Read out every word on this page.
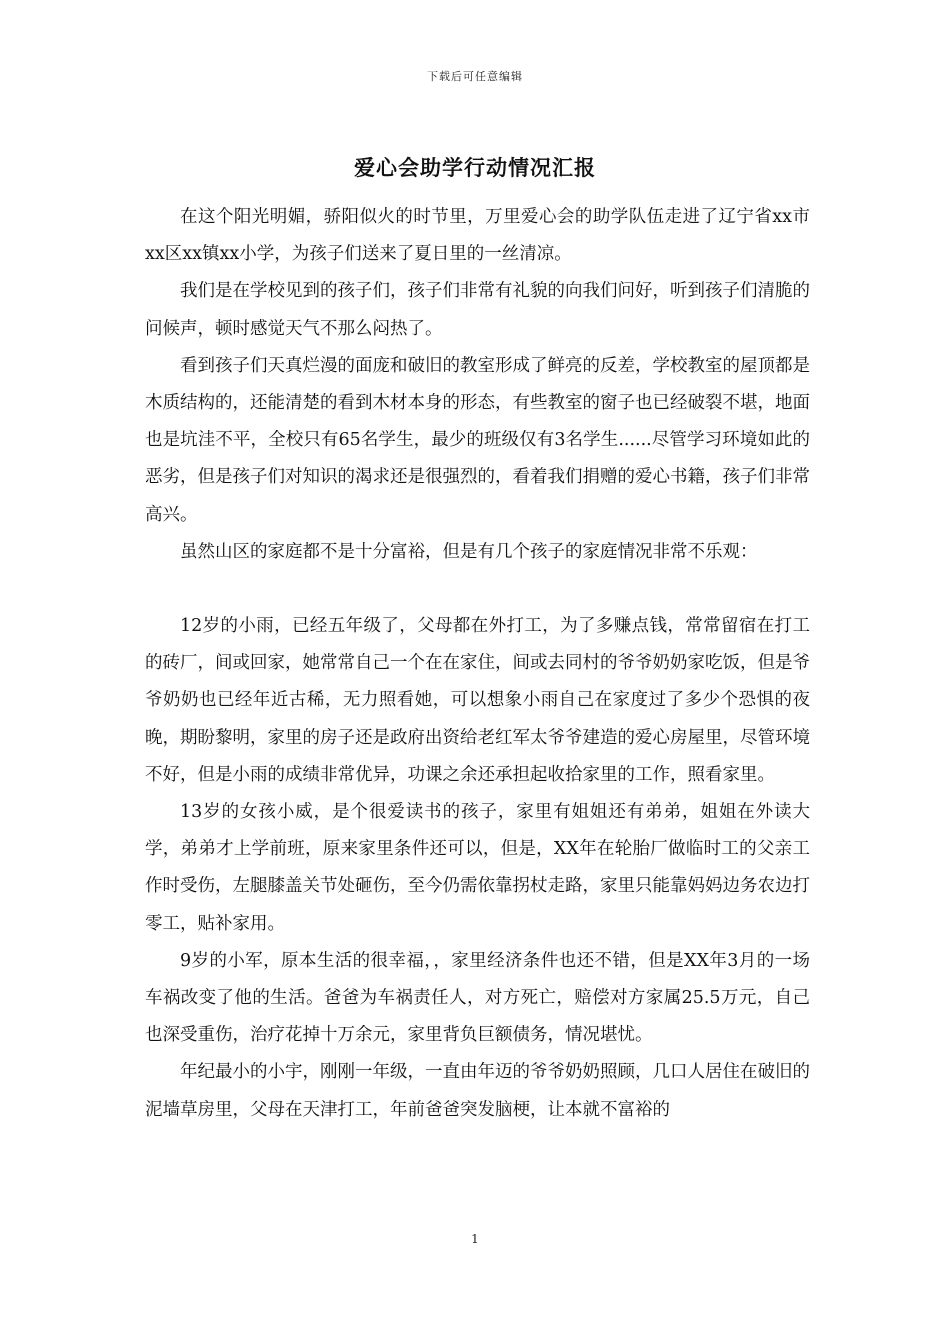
下载后可任意编辑
爱心会助学行动情况汇报

在这个阳光明媚，骄阳似火的时节里，万里爱心会的助学队伍走进了辽宁省xx市xx区xx镇xx小学，为孩子们送来了夏日里的一丝清凉。

我们是在学校见到的孩子们，孩子们非常有礼貌的向我们问好，听到孩子们清脆的问候声，顿时感觉天气不那么闷热了。

看到孩子们天真烂漫的面庞和破旧的教室形成了鲜亮的反差，学校教室的屋顶都是木质结构的，还能清楚的看到木材本身的形态，有些教室的窗子也已经破裂不堪，地面也是坑洼不平，全校只有65名学生，最少的班级仅有3名学生......尽管学习环境如此的恶劣，但是孩子们对知识的渴求还是很强烈的，看着我们捐赠的爱心书籍，孩子们非常高兴。

虽然山区的家庭都不是十分富裕，但是有几个孩子的家庭情况非常不乐观：

12岁的小雨，已经五年级了，父母都在外打工，为了多赚点钱，常常留宿在打工的砖厂，间或回家，她常常自己一个在在家住，间或去同村的爷爷奶奶家吃饭，但是爷爷奶奶也已经年近古稀，无力照看她，可以想象小雨自己在家度过了多少个恐惧的夜晚，期盼黎明，家里的房子还是政府出资给老红军太爷爷建造的爱心房屋里，尽管环境不好，但是小雨的成绩非常优异，功课之余还承担起收拾家里的工作，照看家里。

13岁的女孩小威，是个很爱读书的孩子，家里有姐姐还有弟弟，姐姐在外读大学，弟弟才上学前班，原来家里条件还可以，但是，XX年在轮胎厂做临时工的父亲工作时受伤，左腿膝盖关节处砸伤，至今仍需依靠拐杖走路，家里只能靠妈妈边务农边打零工，贴补家用。

9岁的小军，原本生活的很幸福，，家里经济条件也还不错，但是XX年3月的一场车祸改变了他的生活。爸爸为车祸责任人，对方死亡，赔偿对方家属25.5万元，自己也深受重伤，治疗花掉十万余元，家里背负巨额债务，情况堪忧。

年纪最小的小宇，刚刚一年级，一直由年迈的爷爷奶奶照顾，几口人居住在破旧的泥墙草房里，父母在天津打工，年前爸爸突发脑梗，让本就不富裕的

1
